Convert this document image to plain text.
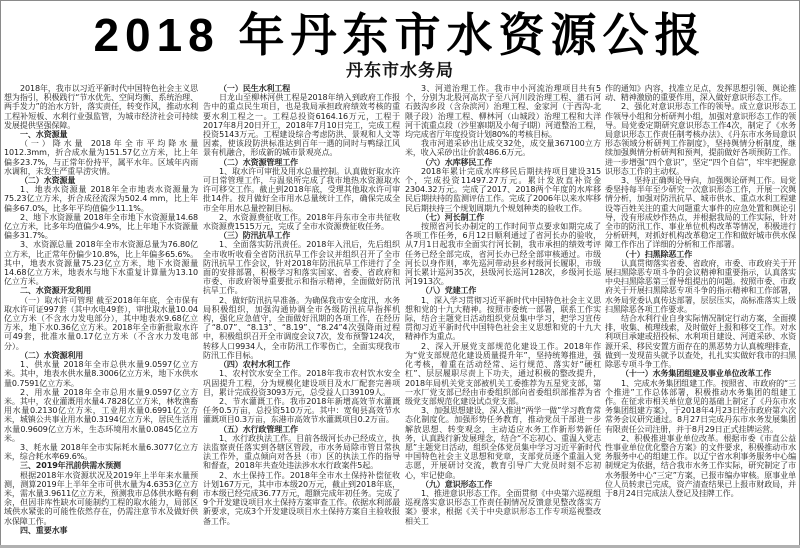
2018 年丹东市水资源公报
丹东市水务局

2018年，我市以习近平新时代中国特色社会主义思想为指引，积极践行“节水优先、空间均衡、系统治理、两手发力”的治水方针，落实责任，转变作风，推动水利工程补短板、水利行业强监管，为城市经济社会可持续发展提供坚强保障。

一、水资源量

（一）降水量 2018年全市平均降水量1012.3mm，折合成水量为151.57亿立方米，比上年偏多23.7%，与正常年份持平，属平水年。区域年内雨水调和，未发生严重旱涝灾情。

（二）水资源量

1、地表水资源量 2018年全市地表水资源量为75.23亿立方米，折合成径流深为502.4 mm，比上年偏多67.0%，比多年平均值偏少11.1%。

2、地下水资源量 2018年全市地下水资源量14.68亿立方米，比多年均值偏少4.9%，比上年地下水资源量偏多31.7%。

3、水资源总量 2018年全市水资源总量为76.80亿立方米，比正常年份偏少10.8%，比上年偏多65.6%。其中，地表水资源量75.23亿立方米，地下水资源量14.68亿立方米，地表水与地下水重复计算量为13.10亿立方米。

二、水资源开发利用

（一）取水许可管理 截至2018年年底，全市保有取水许可证997套（其中水电49套），审批取水量10.04亿立方米（不含水力发电部分），其中地表水9.68亿立方米，地下水0.36亿立方米。2018年全市新批取水许可49套，批准水量0.17亿立方米（不含水力发电部分）。

（二）水资源利用

1、供水量 2018年全市总供水量9.0597亿立方米。其中，地表水供水量8.3006亿立方米，地下水供水量0.7591亿立方米。

2、用水量 2018年全市总用水量9.0597亿立方米。其中，农业灌溉用水量4.7828亿立方米，林牧渔畜用水量0.2130亿立方米，工业用水量0.6991亿立方米，城镇公共事业用水量0.3194亿立方米，居民生活用水量0.9609亿立方米，生态环境用水量0.0845亿立方米。

3、耗水量 2018年全市实际耗水量6.3077亿立方米，综合耗水率69.6%。

三、2019年汛前供需水预测

根据2018年水资源状况及2019年上半年来水量预测，测算2019年上半年全市可供水量为4.6353亿立方米，需水量3.9611亿立方米，预测我市总体供水略有剩余，但因非库性缺水可能制约工程的取水能力，局部区域供水紧张的可能性依然存在，仍需注意节水及做好供水保障工作。

四、重要水事

（一）民生水利工程

日龙山至柳林河供工程是2018年纳入到政府工作报告中的重点民生项目，也是我局承担政府绩效考核的重要水利工程之一。工程总投资6164.16万元，工程于2017年8月20日开工，2018年7月10日完工，完成工程投资5143万元。工程建设综合考虑防洪、景观和人文等因素，使该段防洪标准达到百年一遇的同时与鸭绿江风景有机融合，形成新的城市景观亮点。

（二）水资源管理工作

1、取水许可审批及用水总量控制。认真做好取水许可日常管理工作，与温泉所完成了我市地热水资源取水许可移交工作。截止到2018年底，受理其他取水许可审批14件。按月做好全市用水总量统计工作，确保完成全市全年用水总量控制目标。

2、水资源费征收工作。2018年丹东市全市共征收水资源费1515万元，完成了全市水资源费征收任务。

（三）防汛抗旱工作

1、全面落实防汛责任。2018年入汛后，先后组织全市收听收看全省防汛抗旱工作会议并组织召开了全市防汛抗旱工作会议，针对2018年防汛抗旱工作进行了全面的安排部署，积极学习和落实国家、省委、省政府和市委、市政府领导重要批示和指示精神，全面做好防汛抗旱工作。

2、做好防汛抗旱准备。为确保我市安全度汛，水务局积极组织，加强沟通协调全市各级防汛抗旱指挥机构，强化应急值守，全面做好汛期的各项工作，在经历了“8.07”、“8.13”、“8.19”、“8.24”4次强降雨过程中，积极组织召开全市调度会议7次，发布预警124次，转移人口9934人，全市防汛工作零伤亡，全面实现我市防汛工作目标。

（四）农村水利工作

1、农村饮水安全工作。2018年我市农村饮水安全巩固提升工程，分为规模化建设项目及水厂配套完善项目，累计完成投资3093万元，总受益人口39109人。

2、节水灌溉工作。我市2018年新增高效节水灌溉任务0.5万亩，总投资510万元。其中：宽甸县高效节水灌溉项目0.3万亩，东港市高效节水灌溉项目0.2万亩。

（五）水行政管理工作

1、水行政执法工作。目前各级河长办已经成立，执法监察责任落实到各辖区管段，市水务局除市管日常执法工作外，重点倾向对各县（市）区的执法工作的指导和督查，2018年共查处违法涉水水行政案件5起。

2、水土保持工作。2018年全市水土保持补偿征收计划167万元，其中市本级20万元，截止到2018年底，市本级已经完成36.77万元，超额完成年初任务。完成了9个开发建设项目水土保持方案审查工作。依据水利部最新要求，完成3个开发建设项目水土保持方案自主验收报备工作。

3、河道治理工作。我市中小河流治理项目共有5个，分别为北股河高坎子至八河川段治理工程、蒲石河石鼓沟乡段（含杂滨河）治理工程、金家河（于西沟-北隈子段）治理工程、柳林河（山城段）治理工程和大洋河干流重点段（沙里寨Ⅰ期及小甸子Ⅰ期）河道整治工程，均完成省厅年度投资计划80%的考核目标。

我市河道采砂出让成交32处，成交量367100立方米，收入采砂出让价款486.6万元。

（六）水库移民工作

2018年累计完成水库移民后期扶持项目建设315个，完成投资11497.27万元。累计发放直补资金2304.32万元。完成了2017、2018两个年度的水库移民后期扶持的监测评估工作。完成了2006年以来水库移民后期扶持三个规划周期九个规划种类的验收工作。

（七）河长制工作

按照省河长办制定的工作时间节点要求如期完成了各项工作任务，6月12日顺利通过了省河长办的验收，从7月1日起我市全面实行河长制，我市承担的绩效考评任务已经全部完成，省河长办已经全部审核通过。市级河长以身作则，率先巡河带动县乡村级河长履职，市级河长累计巡河35次，县级河长巡河128次，乡级河长巡河1913次。

（八）党建工作

1、深入学习贯彻习近平新时代中国特色社会主义思想和党的十九大精神。按照市委统一部署，联系工作实际，结合主题党日活动组织党员集中学习，把学习宣传贯彻习近平新时代中国特色社会主义思想和党的十九大精神作为重点。

2、深入开展党支部规范化建设工作。2018年作为“党支部规范化建设质量提升年”，坚持统筹推进，强化考核，着重在活动经常、运行规范、落实好“硬杠杠”、层层履职尽责上下功夫，通过积极的整改提升，2018年局机关党支部被机关工委推荐为五星党支部，第一水厂党支部已经由市委组织部向省委组织部推荐为省级党支部规范化建设试点党支部。

3、加强思想建设，深入推进“两学一做”学习教育常态化制度化。加强形势任务教育，推动党员干部进一步解放思想、转变观念，主动适应水务工作新形势新任务，认真践行新发展理念，结合“不忘初心、重温入党志愿”主题党日活动，组织全体党员集中学习习近平新时代中国特色社会主义思想和党章，支部党员逐个重温入党志愿，开展研讨交流，教育引导广大党员时刻不忘初心，牢记使命。

（九）意识形态工作

1、推进意识形态工作。全面贯彻《中央第六巡视组巡视落实意识形态工作责任制情况反馈意见整改落实方案》要求，根据《关于中央意识形态工作专项巡视整改相关工

作的通知》内容，找准立足点，发挥思想引领、舆论推动、精神激励的重要作用，深入做好意识形态工作。

2、强化对意识形态工作的领导。成立意识形态工作领导小组和分析研判小组，加强对意识形态工作的领导。局党委定期研究意识形态工作4次，制定了《水务局意识形态工作责任制考核办法》、《丹东市水务局意识形态领域分析研判工作制度》，坚持舆情分析制度，继续加强舆情分析研判和预判，提前做好各项预防工作。进一步增强“四个意识”，坚定“四个自信”，牢牢把握意识形态工作的主动权。

3、坚持正确舆论导向，加强舆论研判工作。局党委坚持每半年至少研究一次意识形态工作，开展一次舆情分析，加强对防汛抗旱、城市供水、重点水利工程建设等百姓关注的重大问题重大事件的应急处置和舆论引导，没有形成炒作热点，并根据我局的工作实际，针对全市的防汛工作、事业单位机构改革等情况，积极进行分析研判，对抓好机构改革稳定工作和做好城市供水保障工作作出了详细的分析和工作部署。

（十）扫黑除恶工作

认真贯彻落实省委、省政府，市委、市政府关于开展扫黑除恶专项斗争的会议精神和重要指示，认真落实中央扫黑除恶第三督导组提出的问题。按照市委、市政府关于开展扫黑除恶专项斗争的指示精神和工作部署，水务局党委认真传达部署，层层压实，高标准落实上级扫黑除恶各项工作要求。

结合水利行业自身实际情况制定行动方案，全面摸排，收集、梳理线索，及时做好上报和移交工作。对水利项目承建或招投标、水利项目建设、河道采砂、水资源开采、移民安置方面存在的黑恶势力认真梳理排查，做到一发现苗头就予以查处，扎扎实实做好我市的扫黑除恶专项斗争工作。

（十一）水务集团组建及事业单位改革工作

1、完成水务集团组建工作。按照省、市政府的“三个推进”工作总体部署，积极推动水务集团的组建工作。在征求市相关单位意见的基础上制定了《丹东市水务集团组建方案》，于2018年4月23日经市政府第六次常务会议研究通过。8月27日完成丹东市水务发展集团有限责任公司注册，并于8月29日正式挂牌运营。

2、积极推进事业单位改革。根据市委《市直公益性事业单位优化整合方案》的文件要求，积极推动市水务服务中心的组建工作。以辽宁省水利事务服务中心编制规定为依据，结合我市水务工作实际，研究制定了市水务服务中心“三定”方案，已报市编办审核。原事业单位人员转隶已完成，资产清查结果已上报市财政局，并于8月24日完成法人登记及挂牌工作。
